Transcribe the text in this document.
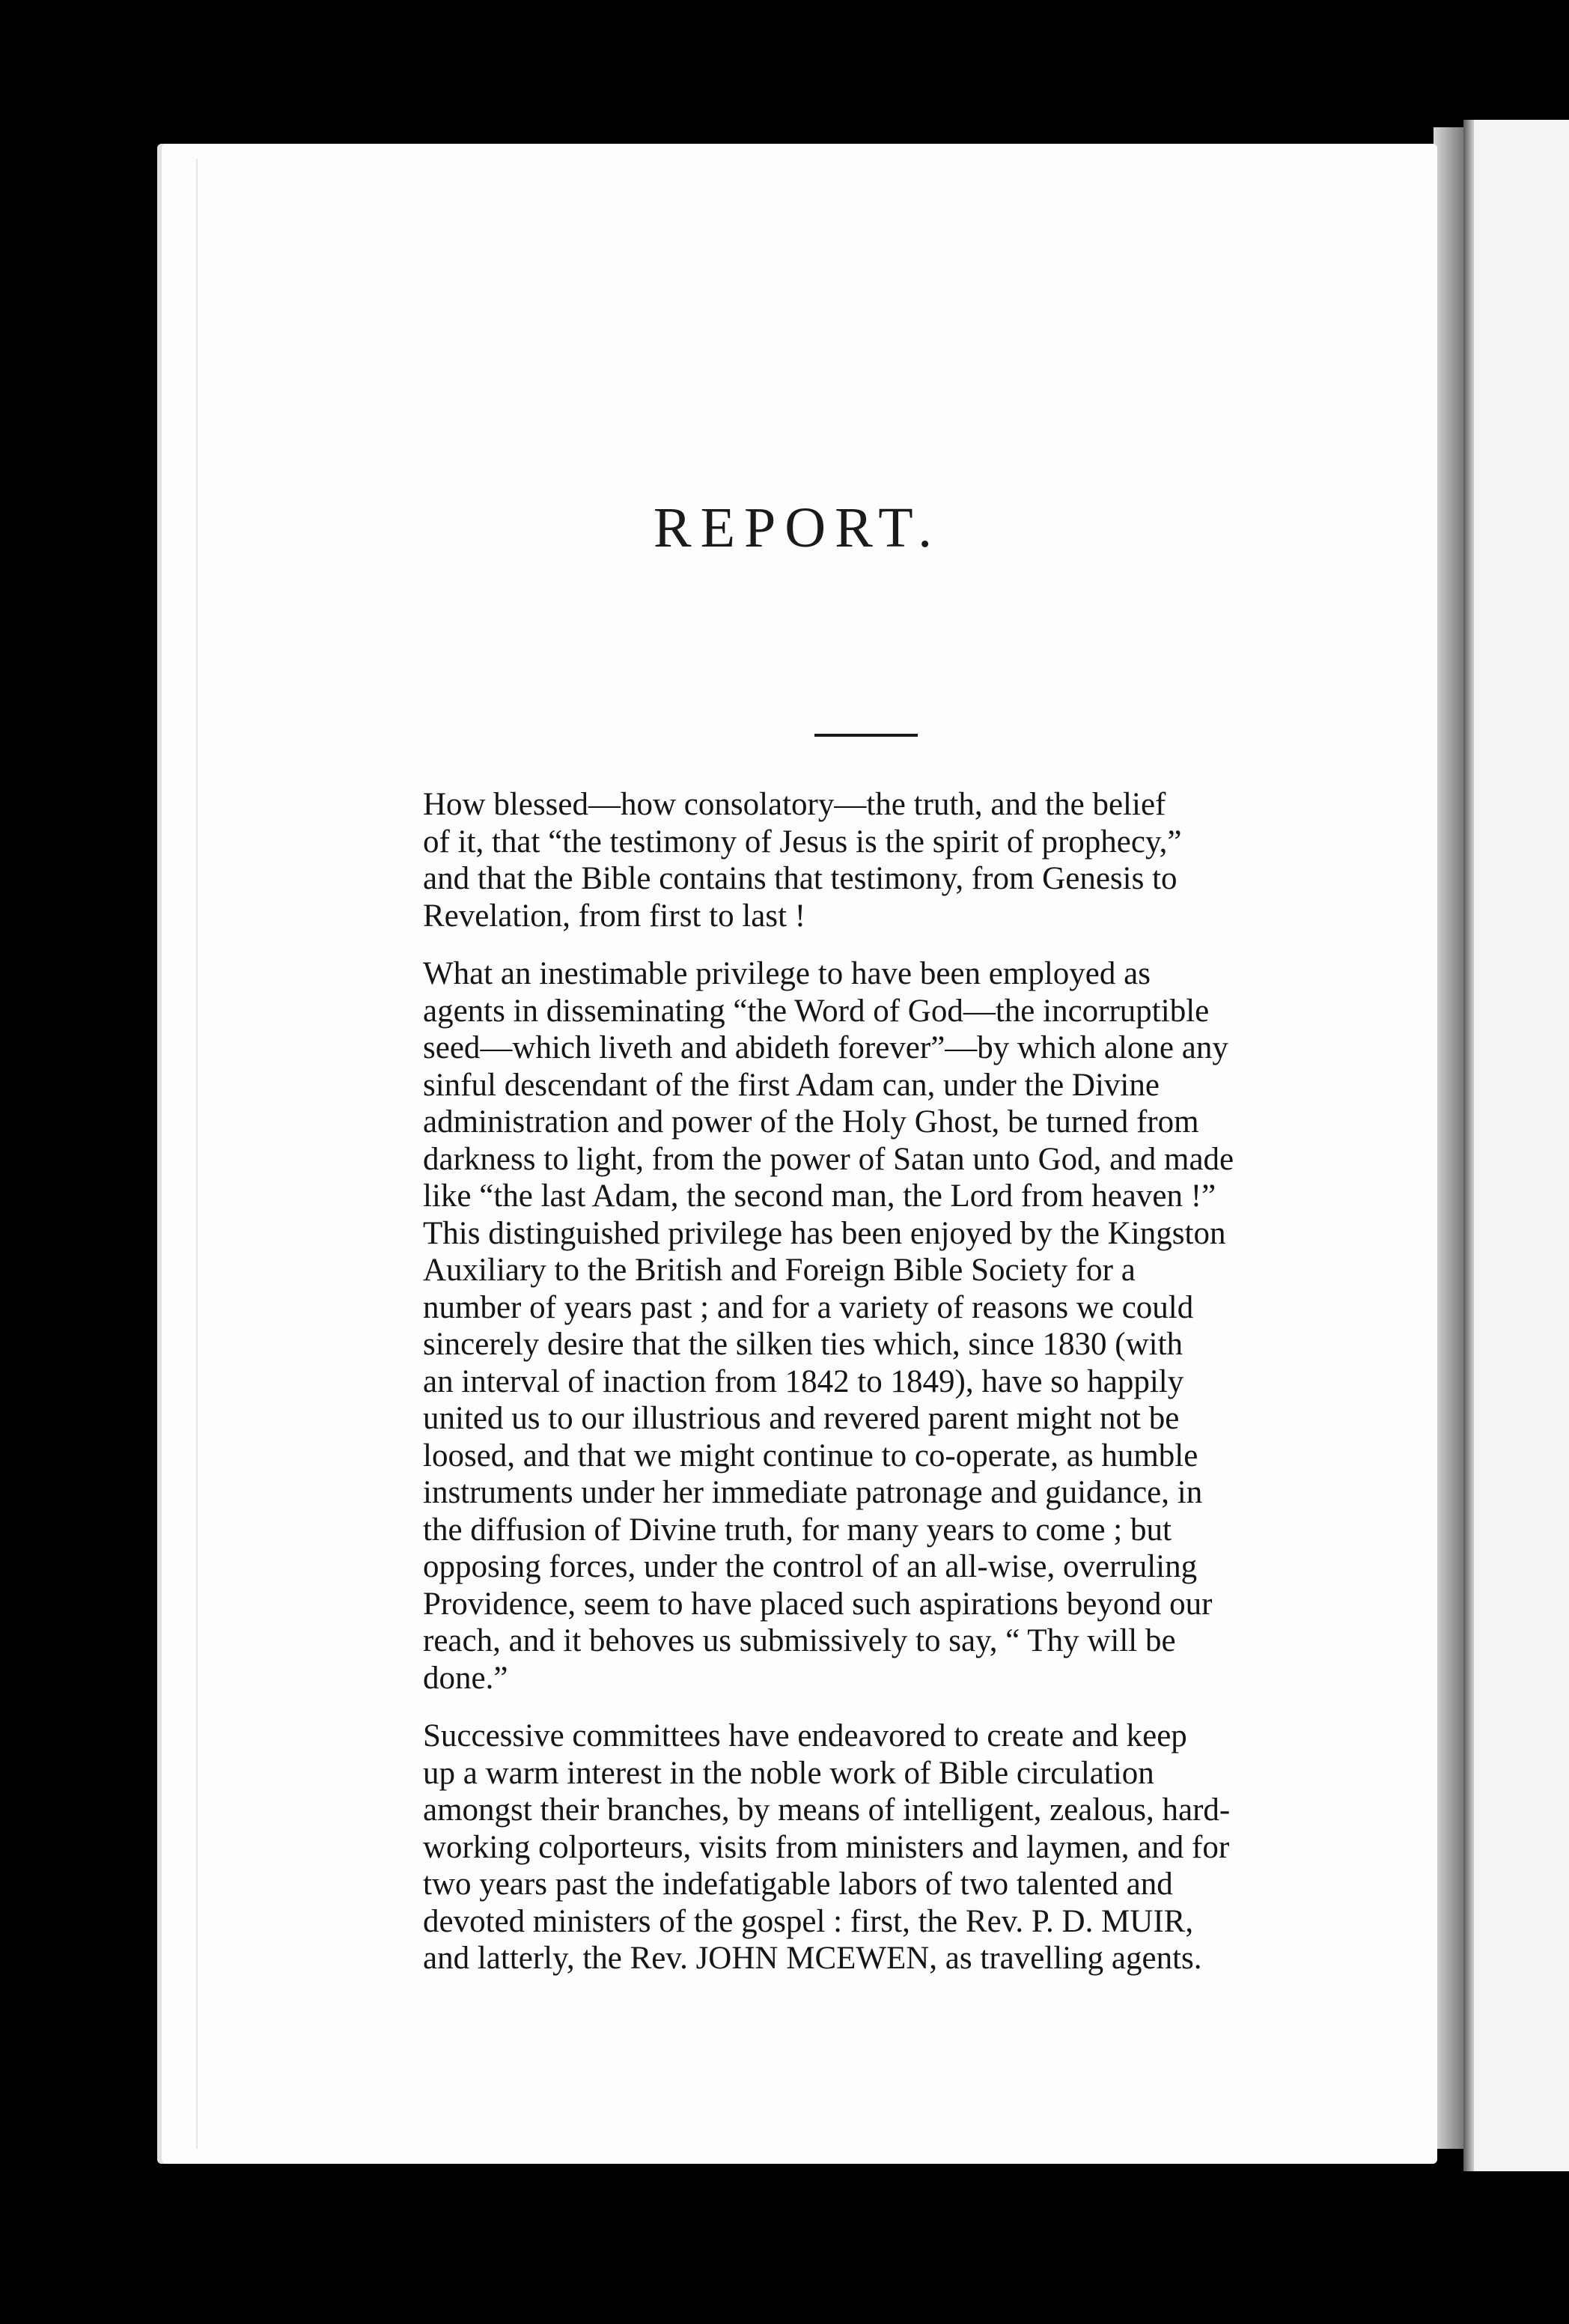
REPORT.
How blessed—how consolatory—the truth, and the belief
of it, that “the testimony of Jesus is the spirit of prophecy,”
and that the Bible contains that testimony, from Genesis to
Revelation, from first to last !
What an inestimable privilege to have been employed as
agents in disseminating “the Word of God—the incorruptible
seed—which liveth and abideth forever”—by which alone any
sinful descendant of the first Adam can, under the Divine
administration and power of the Holy Ghost, be turned from
darkness to light, from the power of Satan unto God, and made
like “the last Adam, the second man, the Lord from heaven !”
This distinguished privilege has been enjoyed by the Kingston
Auxiliary to the British and Foreign Bible Society for a
number of years past ; and for a variety of reasons we could
sincerely desire that the silken ties which, since 1830 (with
an interval of inaction from 1842 to 1849), have so happily
united us to our illustrious and revered parent might not be
loosed, and that we might continue to co-operate, as humble
instruments under her immediate patronage and guidance, in
the diffusion of Divine truth, for many years to come ; but
opposing forces, under the control of an all-wise, overruling
Providence, seem to have placed such aspirations beyond our
reach, and it behoves us submissively to say, “ Thy will be
done.”
Successive committees have endeavored to create and keep
up a warm interest in the noble work of Bible circulation
amongst their branches, by means of intelligent, zealous, hard-
working colporteurs, visits from ministers and laymen, and for
two years past the indefatigable labors of two talented and
devoted ministers of the gospel : first, the Rev. P. D. MUIR,
and latterly, the Rev. JOHN MCEWEN, as travelling agents.
